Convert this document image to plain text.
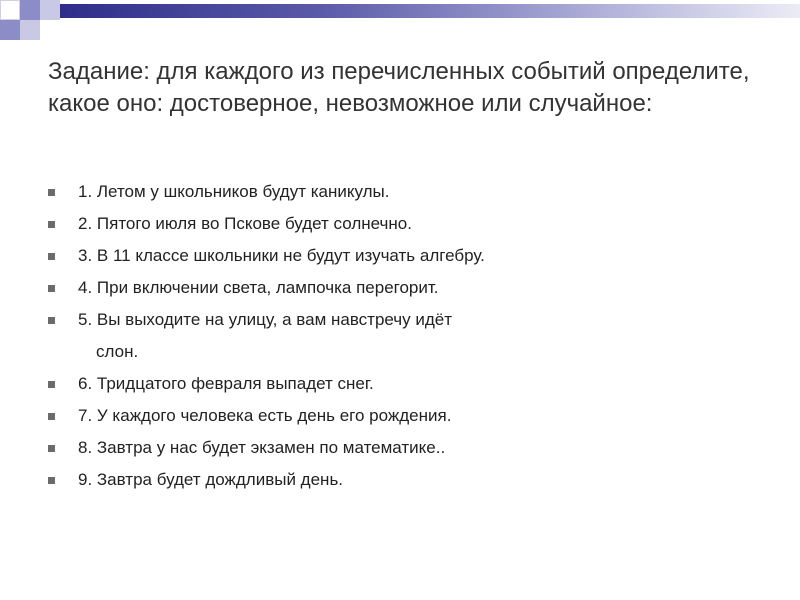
Задание: для каждого из перечисленных событий определите, какое оно: достоверное, невозможное или случайное:
1. Летом у школьников будут каникулы.
2. Пятого июля во Пскове будет солнечно.
3. В 11 классе школьники не будут изучать алгебру.
4. При включении света, лампочка перегорит.
5. Вы выходите на улицу, а вам навстречу идёт
слон.
6. Тридцатого февраля выпадет снег.
7. У каждого человека есть день его рождения.
8. Завтра у нас будет экзамен по математике..
9. Завтра будет дождливый день.
